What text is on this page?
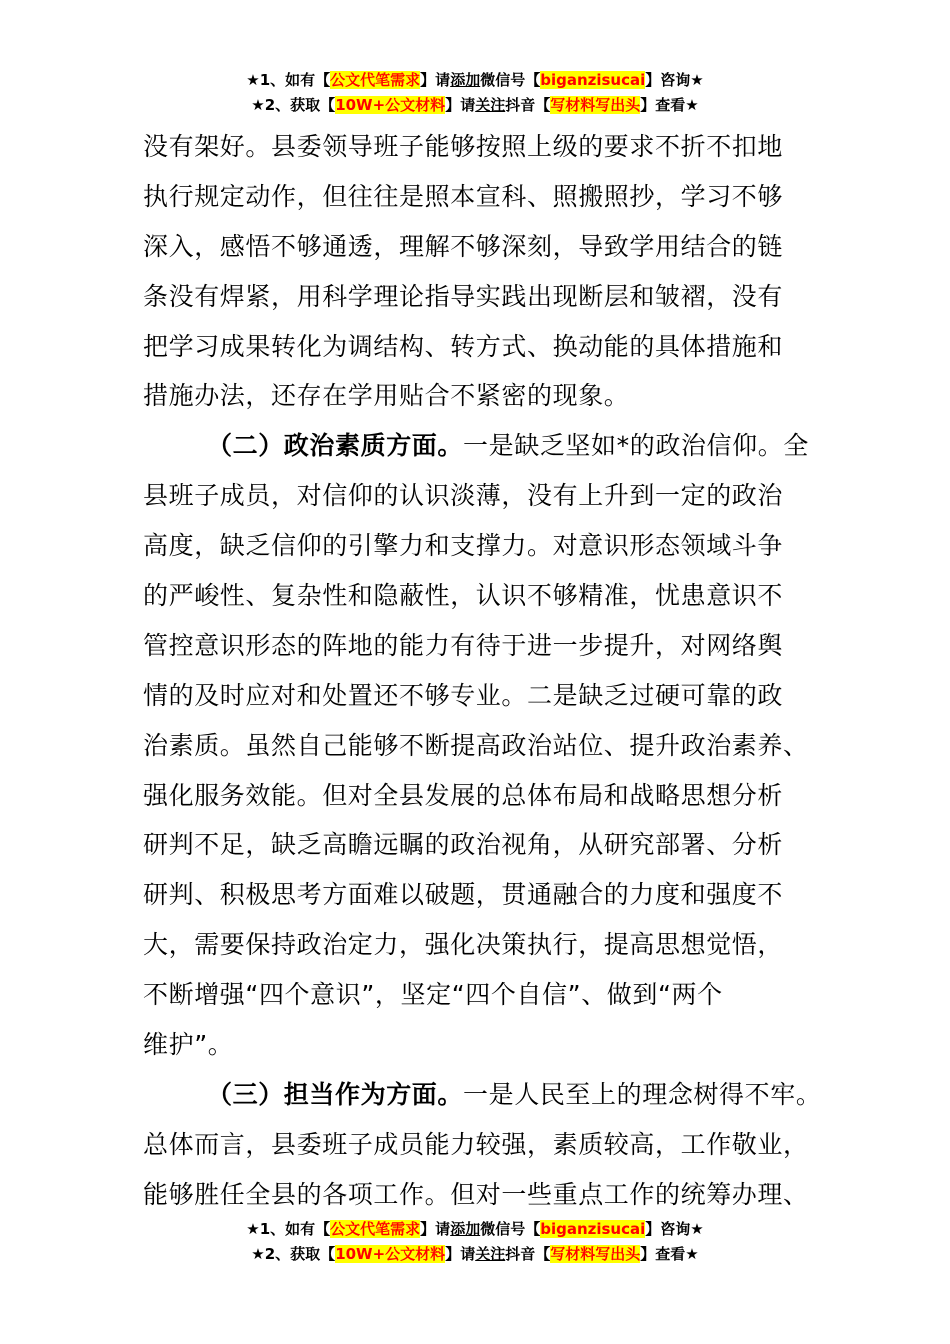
★1、如有【公文代笔需求】请添加微信号【biganzisucai】咨询★
★2、获取【10W+公文材料】请关注抖音【写材料写出头】查看★
没有架好。县委领导班子能够按照上级的要求不折不扣地
执行规定动作，但往往是照本宣科、照搬照抄，学习不够
深入，感悟不够通透，理解不够深刻，导致学用结合的链
条没有焊紧，用科学理论指导实践出现断层和皱褶，没有
把学习成果转化为调结构、转方式、换动能的具体措施和
措施办法，还存在学用贴合不紧密的现象。
（二）政治素质方面。一是缺乏坚如*的政治信仰。全
县班子成员，对信仰的认识淡薄，没有上升到一定的政治
高度，缺乏信仰的引擎力和支撑力。对意识形态领域斗争
的严峻性、复杂性和隐蔽性，认识不够精准，忧患意识不
管控意识形态的阵地的能力有待于进一步提升，对网络舆
情的及时应对和处置还不够专业。二是缺乏过硬可靠的政
治素质。虽然自己能够不断提高政治站位、提升政治素养、
强化服务效能。但对全县发展的总体布局和战略思想分析
研判不足，缺乏高瞻远瞩的政治视角，从研究部署、分析
研判、积极思考方面难以破题，贯通融合的力度和强度不
大，需要保持政治定力，强化决策执行，提高思想觉悟，
不断增强“四个意识”，坚定“四个自信”、做到“两个
维护”。
（三）担当作为方面。一是人民至上的理念树得不牢。
总体而言，县委班子成员能力较强，素质较高，工作敬业，
能够胜任全县的各项工作。但对一些重点工作的统筹办理、
★1、如有【公文代笔需求】请添加微信号【biganzisucai】咨询★
★2、获取【10W+公文材料】请关注抖音【写材料写出头】查看★
